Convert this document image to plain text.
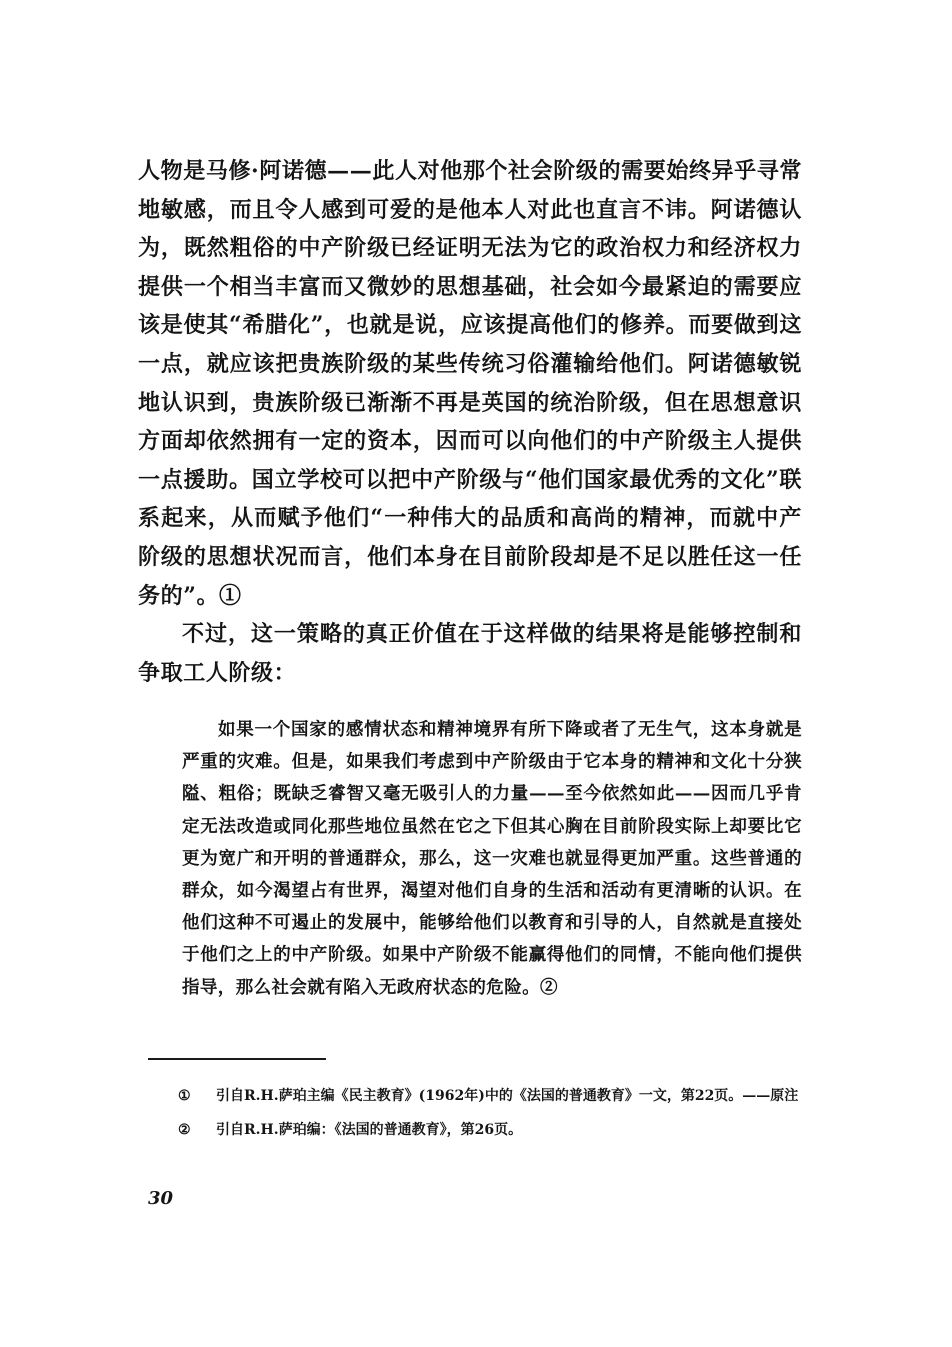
人物是马修·阿诺德——此人对他那个社会阶级的需要始终异乎寻常地敏感，而且令人感到可爱的是他本人对此也直言不讳。阿诺德认为，既然粗俗的中产阶级已经证明无法为它的政治权力和经济权力提供一个相当丰富而又微妙的思想基础，社会如今最紧迫的需要应该是使其“希腊化”，也就是说，应该提高他们的修养。而要做到这一点，就应该把贵族阶级的某些传统习俗灌输给他们。阿诺德敏锐地认识到，贵族阶级已渐渐不再是英国的统治阶级，但在思想意识方面却依然拥有一定的资本，因而可以向他们的中产阶级主人提供一点援助。国立学校可以把中产阶级与“他们国家最优秀的文化”联系起来，从而赋予他们“一种伟大的品质和高尚的精神，而就中产阶级的思想状况而言，他们本身在目前阶段却是不足以胜任这一任务的”。①

不过，这一策略的真正价值在于这样做的结果将是能够控制和争取工人阶级：

如果一个国家的感情状态和精神境界有所下降或者了无生气，这本身就是严重的灾难。但是，如果我们考虑到中产阶级由于它本身的精神和文化十分狭隘、粗俗；既缺乏睿智又毫无吸引人的力量——至今依然如此——因而几乎肯定无法改造或同化那些地位虽然在它之下但其心胸在目前阶段实际上却要比它更为宽广和开明的普通群众，那么，这一灾难也就显得更加严重。这些普通的群众，如今渴望占有世界，渴望对他们自身的生活和活动有更清晰的认识。在他们这种不可遏止的发展中，能够给他们以教育和引导的人，自然就是直接处于他们之上的中产阶级。如果中产阶级不能赢得他们的同情，不能向他们提供指导，那么社会就有陷入无政府状态的危险。②

①	引自R.H.萨珀主编《民主教育》(1962年)中的《法国的普通教育》一文，第22页。——原注
②	引自R.H.萨珀编：《法国的普通教育》，第26页。
30
